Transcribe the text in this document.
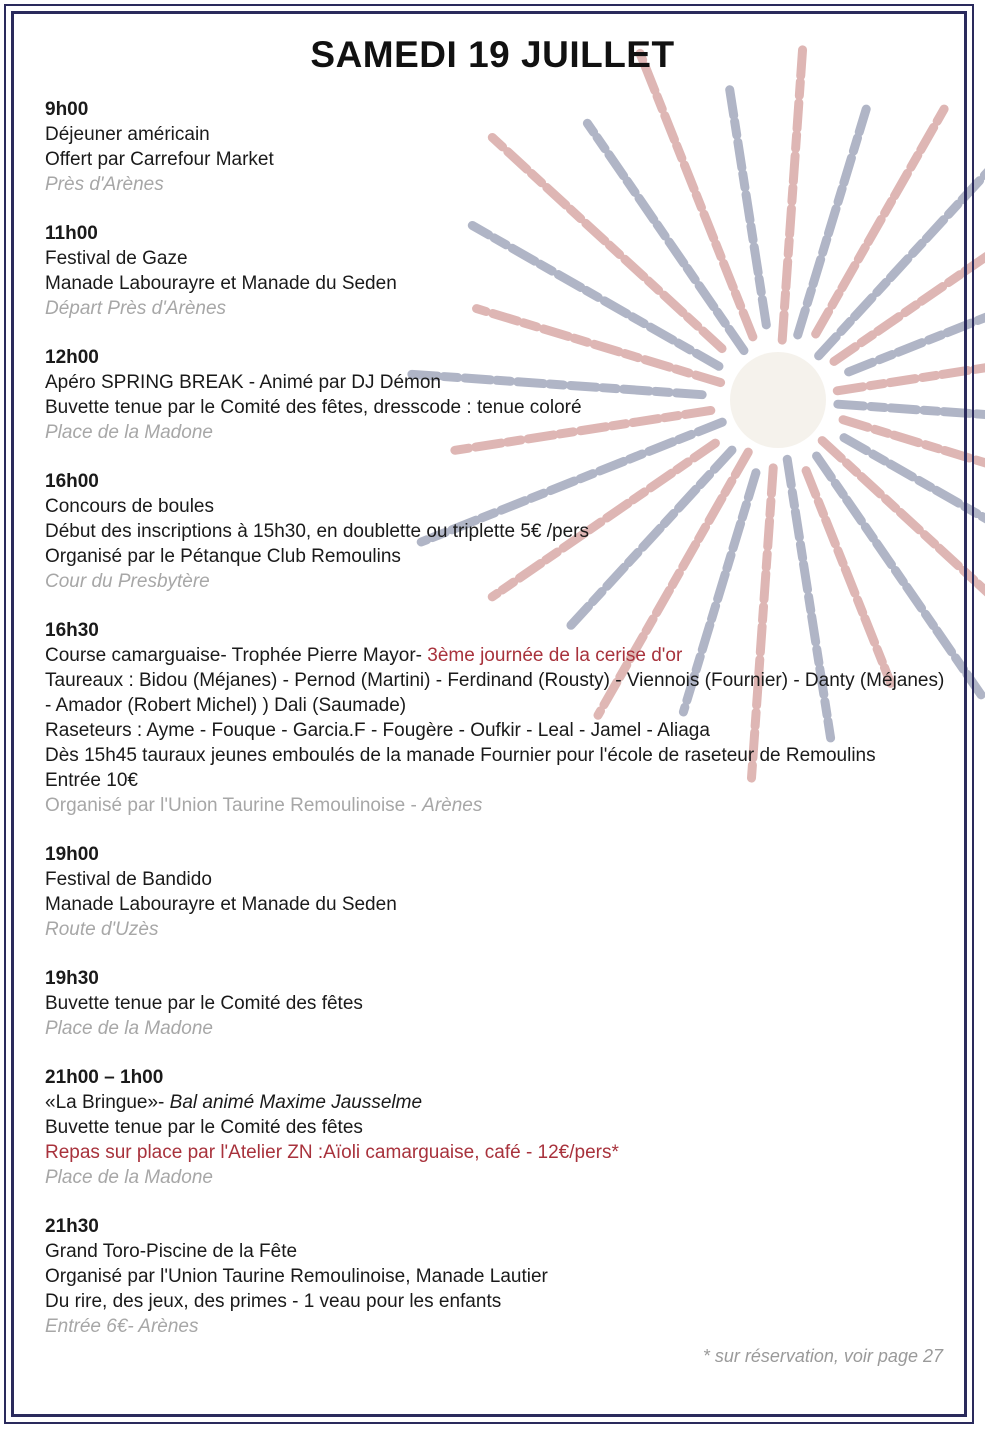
SAMEDI 19 JUILLET
9h00
Déjeuner américain
Offert par Carrefour Market
Près d'Arènes
11h00
Festival de Gaze
Manade Labourayre et Manade du Seden
Départ Près d'Arènes
12h00
Apéro SPRING BREAK - Animé par DJ Démon
Buvette tenue par le Comité des fêtes, dresscode : tenue coloré
Place de la Madone
16h00
Concours de boules
Début des inscriptions à 15h30, en doublette ou triplette 5€ /pers
Organisé par le Pétanque Club Remoulins
Cour du Presbytère
16h30
Course camarguaise- Trophée Pierre Mayor- 3ème journée de la cerise d'or
Taureaux : Bidou (Méjanes) - Pernod (Martini) - Ferdinand (Rousty) - Viennois (Fournier) - Danty (Méjanes) - Amador (Robert Michel) ) Dali (Saumade)
Raseteurs : Ayme - Fouque - Garcia.F - Fougère - Oufkir - Leal - Jamel - Aliaga
Dès 15h45 tauraux jeunes emboulés de la manade Fournier pour l'école de raseteur de Remoulins
Entrée 10€
Organisé par l'Union Taurine Remoulinoise - Arènes
19h00
Festival de Bandido
Manade Labourayre et Manade du Seden
Route d'Uzès
19h30
Buvette tenue par le Comité des fêtes
Place de la Madone
21h00 – 1h00
«La Bringue»- Bal animé Maxime Jausselme
Buvette tenue par le Comité des fêtes
Repas sur place par l'Atelier ZN :Aïoli camarguaise, café - 12€/pers*
Place de la Madone
21h30
Grand Toro-Piscine de la Fête
Organisé par l'Union Taurine Remoulinoise, Manade Lautier
Du rire, des jeux, des primes - 1 veau pour les enfants
Entrée 6€- Arènes
* sur réservation, voir page 27
